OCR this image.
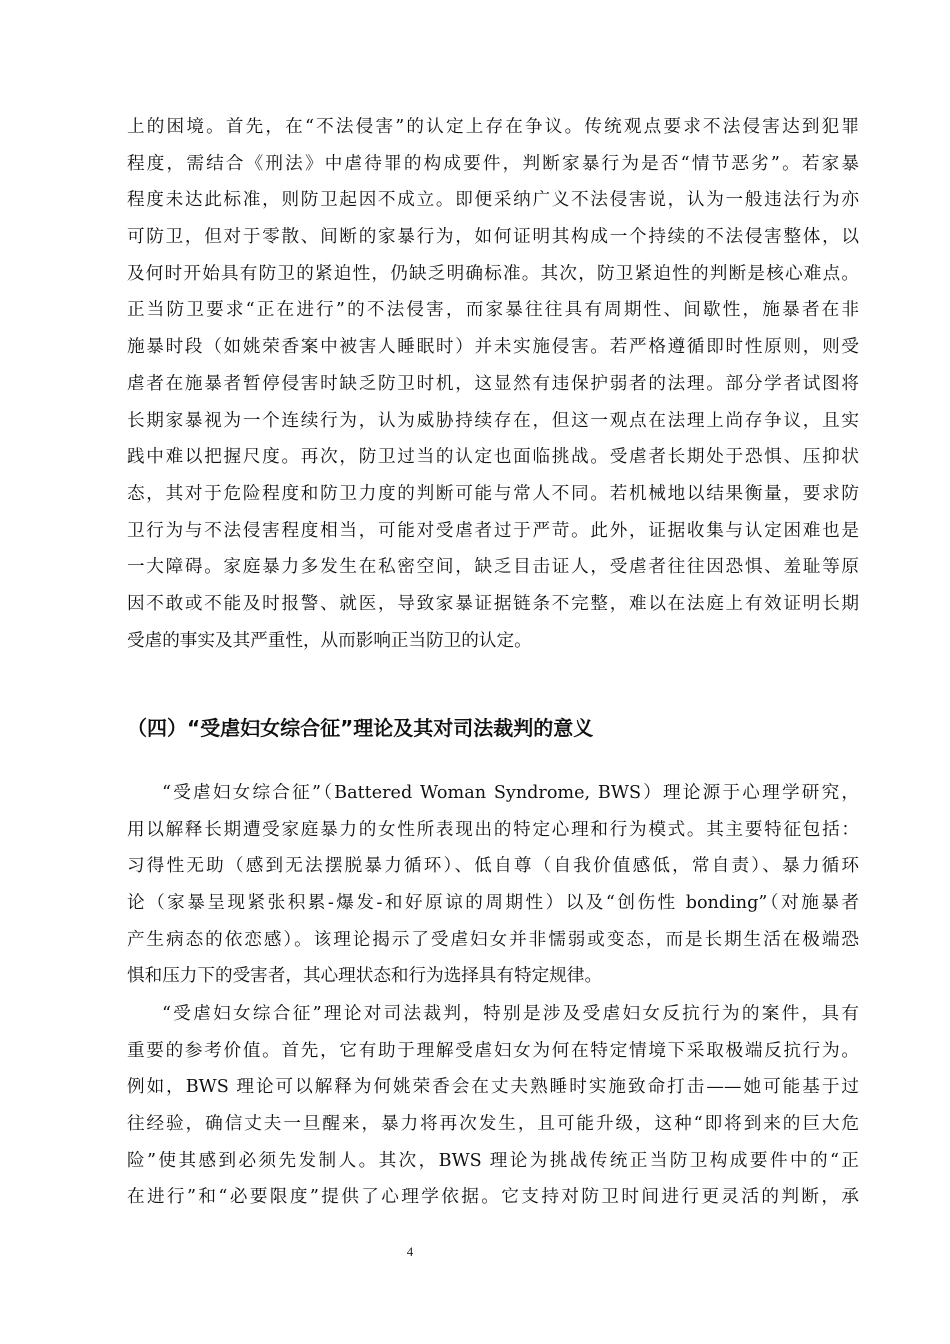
上的困境。首先，在“不法侵害”的认定上存在争议。传统观点要求不法侵害达到犯罪
程度，需结合《刑法》中虐待罪的构成要件，判断家暴行为是否“情节恶劣”。若家暴
程度未达此标准，则防卫起因不成立。即便采纳广义不法侵害说，认为一般违法行为亦
可防卫，但对于零散、间断的家暴行为，如何证明其构成一个持续的不法侵害整体，以
及何时开始具有防卫的紧迫性，仍缺乏明确标准。其次，防卫紧迫性的判断是核心难点。
正当防卫要求“正在进行”的不法侵害，而家暴往往具有周期性、间歇性，施暴者在非
施暴时段（如姚荣香案中被害人睡眠时）并未实施侵害。若严格遵循即时性原则，则受
虐者在施暴者暂停侵害时缺乏防卫时机，这显然有违保护弱者的法理。部分学者试图将
长期家暴视为一个连续行为，认为威胁持续存在，但这一观点在法理上尚存争议，且实
践中难以把握尺度。再次，防卫过当的认定也面临挑战。受虐者长期处于恐惧、压抑状
态，其对于危险程度和防卫力度的判断可能与常人不同。若机械地以结果衡量，要求防
卫行为与不法侵害程度相当，可能对受虐者过于严苛。此外，证据收集与认定困难也是
一大障碍。家庭暴力多发生在私密空间，缺乏目击证人，受虐者往往因恐惧、羞耻等原
因不敢或不能及时报警、就医，导致家暴证据链条不完整，难以在法庭上有效证明长期
受虐的事实及其严重性，从而影响正当防卫的认定。
（四）“受虐妇女综合征”理论及其对司法裁判的意义
“受虐妇女综合征”（Battered Woman Syndrome, BWS）理论源于心理学研究，
用以解释长期遭受家庭暴力的女性所表现出的特定心理和行为模式。其主要特征包括：
习得性无助（感到无法摆脱暴力循环）、低自尊（自我价值感低，常自责）、暴力循环
论（家暴呈现紧张积累-爆发-和好原谅的周期性）以及“创伤性 bonding”（对施暴者
产生病态的依恋感）。该理论揭示了受虐妇女并非懦弱或变态，而是长期生活在极端恐
惧和压力下的受害者，其心理状态和行为选择具有特定规律。
“受虐妇女综合征”理论对司法裁判，特别是涉及受虐妇女反抗行为的案件，具有
重要的参考价值。首先，它有助于理解受虐妇女为何在特定情境下采取极端反抗行为。
例如，BWS 理论可以解释为何姚荣香会在丈夫熟睡时实施致命打击——她可能基于过
往经验，确信丈夫一旦醒来，暴力将再次发生，且可能升级，这种“即将到来的巨大危
险”使其感到必须先发制人。其次，BWS 理论为挑战传统正当防卫构成要件中的“正
在进行”和“必要限度”提供了心理学依据。它支持对防卫时间进行更灵活的判断，承
4
